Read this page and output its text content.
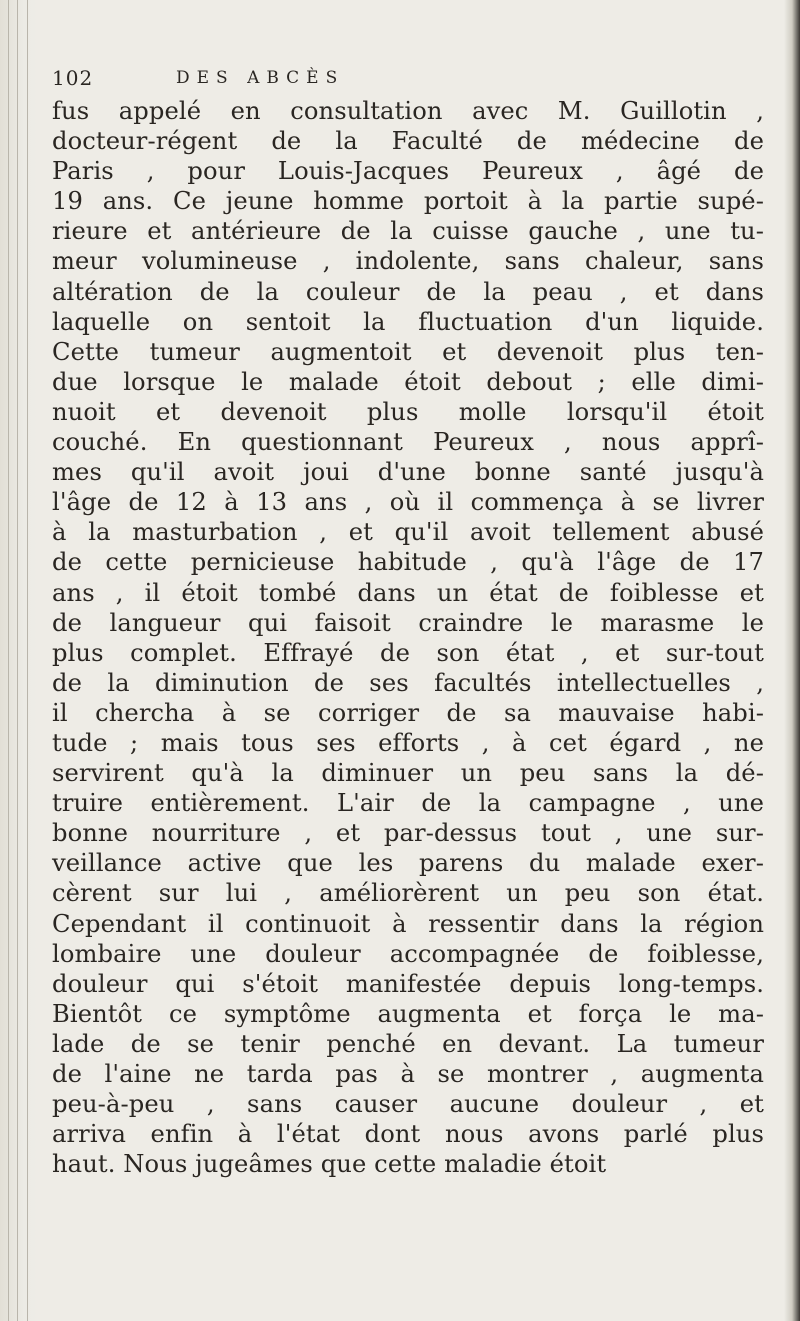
102	DES ABCÈS
fus appelé en consultation avec M. Guillotin ,
docteur-régent de la Faculté de médecine de
Paris , pour Louis-Jacques Peureux , âgé de
19 ans. Ce jeune homme portoit à la partie supé-
rieure et antérieure de la cuisse gauche , une tu-
meur volumineuse , indolente, sans chaleur, sans
altération de la couleur de la peau , et dans
laquelle on sentoit la fluctuation d'un liquide.
Cette tumeur augmentoit et devenoit plus ten-
due lorsque le malade étoit debout ; elle dimi-
nuoit et devenoit plus molle lorsqu'il étoit
couché. En questionnant Peureux , nous apprî-
mes qu'il avoit joui d'une bonne santé jusqu'à
l'âge de 12 à 13 ans , où il commença à se livrer
à la masturbation , et qu'il avoit tellement abusé
de cette pernicieuse habitude , qu'à l'âge de 17
ans , il étoit tombé dans un état de foiblesse et
de langueur qui faisoit craindre le marasme le
plus complet. Effrayé de son état , et sur-tout
de la diminution de ses facultés intellectuelles ,
il chercha à se corriger de sa mauvaise habi-
tude ; mais tous ses efforts , à cet égard , ne
servirent qu'à la diminuer un peu sans la dé-
truire entièrement. L'air de la campagne , une
bonne nourriture , et par-dessus tout , une sur-
veillance active que les parens du malade exer-
cèrent sur lui , améliorèrent un peu son état.
Cependant il continuoit à ressentir dans la région
lombaire une douleur accompagnée de foiblesse,
douleur qui s'étoit manifestée depuis long-temps.
Bientôt ce symptôme augmenta et força le ma-
lade de se tenir penché en devant. La tumeur
de l'aine ne tarda pas à se montrer , augmenta
peu-à-peu , sans causer aucune douleur , et
arriva enfin à l'état dont nous avons parlé plus
haut. Nous jugeâmes que cette maladie étoit
